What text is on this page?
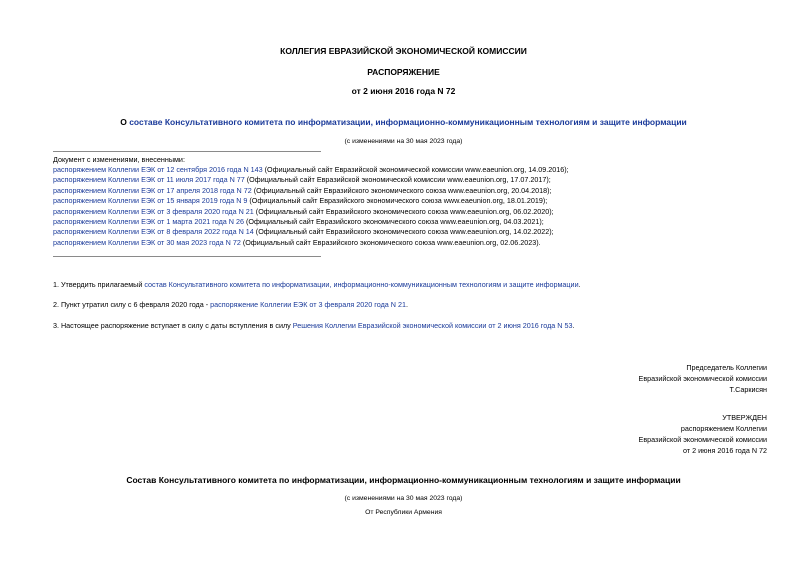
КОЛЛЕГИЯ ЕВРАЗИЙСКОЙ ЭКОНОМИЧЕСКОЙ КОМИССИИ
РАСПОРЯЖЕНИЕ
от 2 июня 2016 года N 72
О составе Консультативного комитета по информатизации, информационно-коммуникационным технологиям и защите информации
(с изменениями на 30 мая 2023 года)
Документ с изменениями, внесенными:
распоряжением Коллегии ЕЭК от 12 сентября 2016 года N 143 (Официальный сайт Евразийской экономической комиссии www.eaeunion.org, 14.09.2016);
распоряжением Коллегии ЕЭК от 11 июля 2017 года N 77 (Официальный сайт Евразийской экономической комиссии www.eaeunion.org, 17.07.2017);
распоряжением Коллегии ЕЭК от 17 апреля 2018 года N 72 (Официальный сайт Евразийского экономического союза www.eaeunion.org, 20.04.2018);
распоряжением Коллегии ЕЭК от 15 января 2019 года N 9 (Официальный сайт Евразийского экономического союза www.eaeunion.org, 18.01.2019);
распоряжением Коллегии ЕЭК от 3 февраля 2020 года N 21 (Официальный сайт Евразийского экономического союза www.eaeunion.org, 06.02.2020);
распоряжением Коллегии ЕЭК от 1 марта 2021 года N 26 (Официальный сайт Евразийского экономического союза www.eaeunion.org, 04.03.2021);
распоряжением Коллегии ЕЭК от 8 февраля 2022 года N 14 (Официальный сайт Евразийского экономического союза www.eaeunion.org, 14.02.2022);
распоряжением Коллегии ЕЭК от 30 мая 2023 года N 72 (Официальный сайт Евразийского экономического союза www.eaeunion.org, 02.06.2023).
1. Утвердить прилагаемый состав Консультативного комитета по информатизации, информационно-коммуникационным технологиям и защите информации.
2. Пункт утратил силу с 6 февраля 2020 года - распоряжение Коллегии ЕЭК от 3 февраля 2020 года N 21.
3. Настоящее распоряжение вступает в силу с даты вступления в силу Решения Коллегии Евразийской экономической комиссии от 2 июня 2016 года N 53.
Председатель Коллегии
Евразийской экономической комиссии
Т.Саркисян
УТВЕРЖДЕН
распоряжением Коллегии
Евразийской экономической комиссии
от 2 июня 2016 года N 72
Состав Консультативного комитета по информатизации, информационно-коммуникационным технологиям и защите информации
(с изменениями на 30 мая 2023 года)
От Республики Армения
